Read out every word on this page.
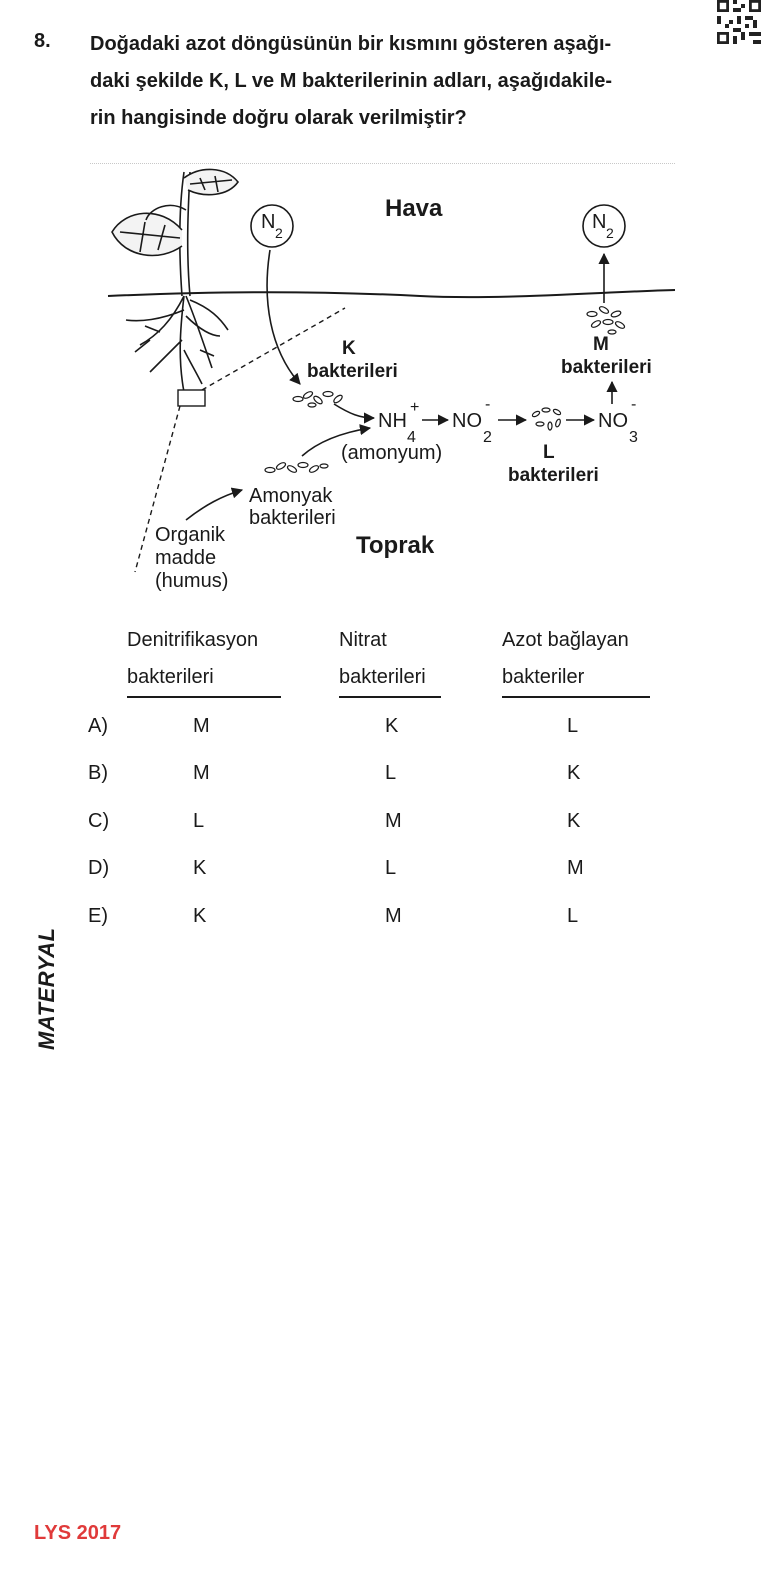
8. Doğadaki azot döngüsünün bir kısmını gösteren aşağı-
daki şekilde K, L ve M bakterilerinin adları, aşağıdakile-
rin hangisinde doğru olarak verilmiştir?
N 2
Hava
Toprak
K
bakterileri
NH
+
4
NO
-
2
NO
-
3
L
bakterileri
(amonyum)
M
bakterileri
N 2
Amonyak
bakterileri
Organik
madde
(humus)
Denitrifikasyon
bakterileri
Nitrat
bakterileri
Azot bağlayan
bakteriler
A)	M	K	L
B)	M	L	K
C)	L	M	K
D)	K	L	M
E)	K	M	L
MATERYAL
LYS 2017
